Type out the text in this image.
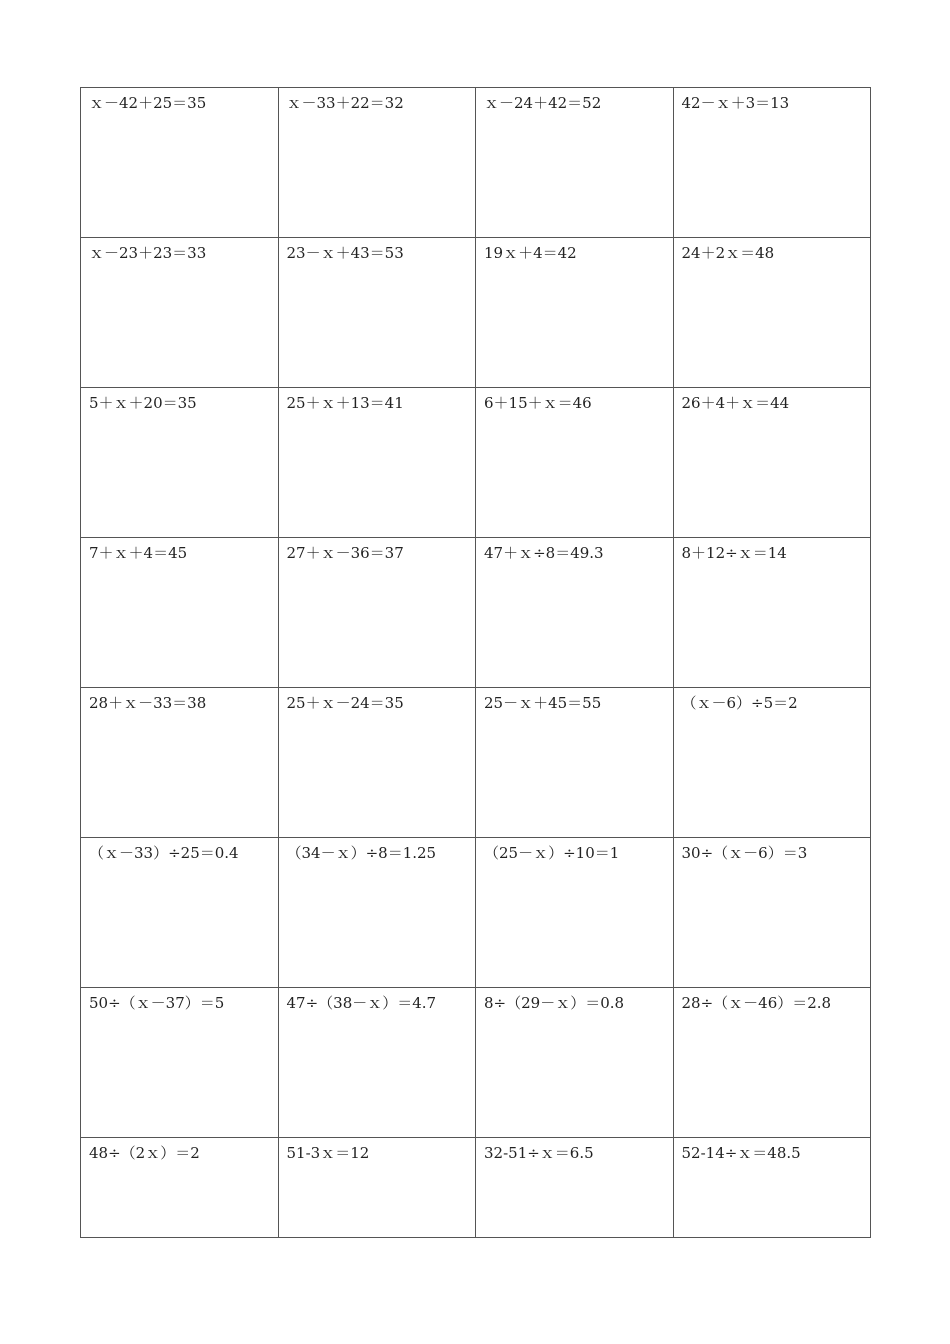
ｘ－42＋25＝35	ｘ－33＋22＝32	ｘ－24＋42＝52	42－ｘ＋3＝13
ｘ－23＋23＝33	23－ｘ＋43＝53	19ｘ＋4＝42	24＋2ｘ＝48
5＋ｘ＋20＝35	25＋ｘ＋13＝41	6＋15＋ｘ＝46	26＋4＋ｘ＝44
7＋ｘ＋4＝45	27＋ｘ－36＝37	47＋ｘ÷8＝49.3	8＋12÷ｘ＝14
28＋ｘ－33＝38	25＋ｘ－24＝35	25－ｘ＋45＝55	（ｘ－6）÷5＝2
（ｘ－33）÷25＝0.4	（34－ｘ）÷8＝1.25	（25－ｘ）÷10＝1	30÷（ｘ－6）＝3
50÷（ｘ－37）＝5	47÷（38－ｘ）＝4.7	8÷（29－ｘ）＝0.8	28÷（ｘ－46）＝2.8
48÷（2ｘ）＝2	51-3ｘ＝12	32-51÷ｘ＝6.5	52-14÷ｘ＝48.5
